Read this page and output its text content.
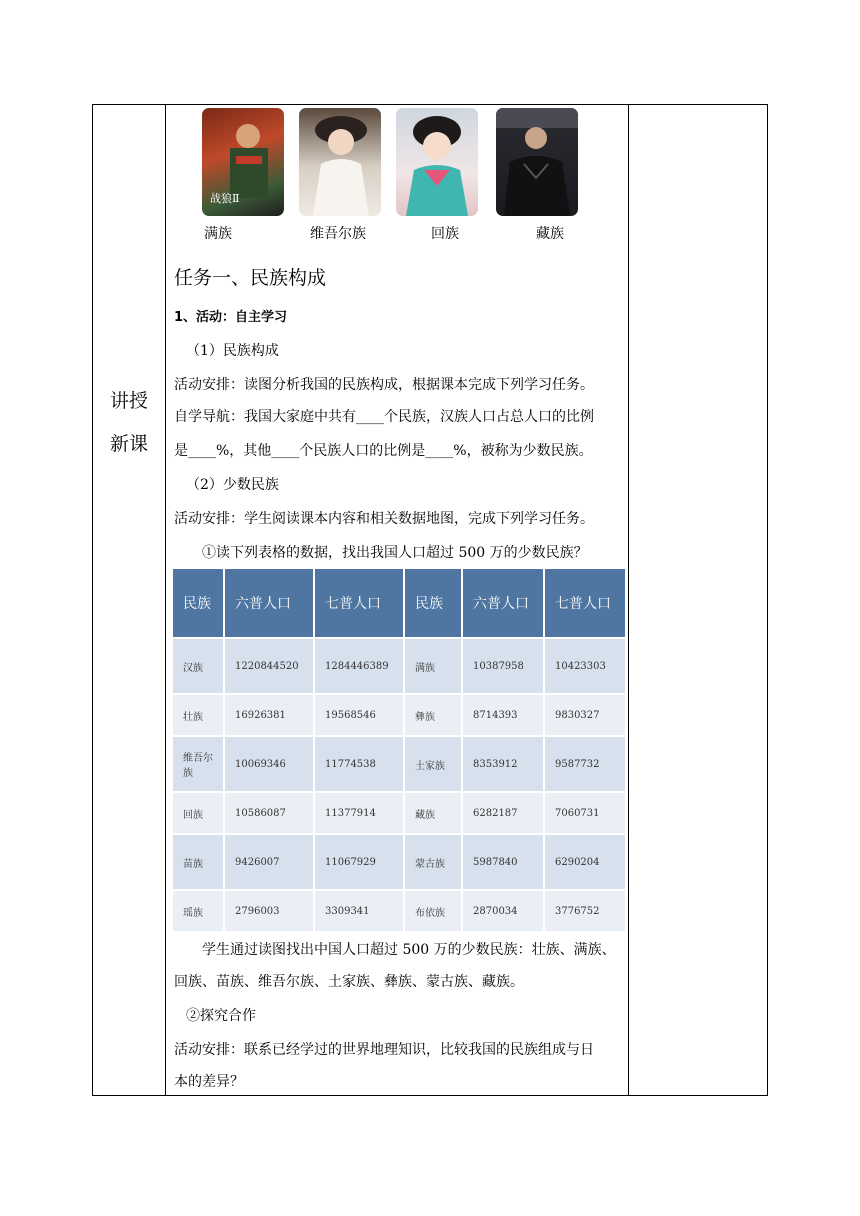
讲授
新课
战狼Ⅱ
满族	维吾尔族	回族	藏族
任务一、民族构成
1、活动：自主学习
（1）民族构成
活动安排：读图分析我国的民族构成，根据课本完成下列学习任务。
自学导航：我国大家庭中共有____个民族，汉族人口占总人口的比例
是____%，其他____个民族人口的比例是____%，被称为少数民族。
（2）少数民族
活动安排：学生阅读课本内容和相关数据地图，完成下列学习任务。
①读下列表格的数据，找出我国人口超过 500 万的少数民族？
民族	六普人口	七普人口	民族	六普人口	七普人口
汉族	1220844520	1284446389	满族	10387958	10423303
壮族	16926381	19568546	彝族	8714393	9830327
维吾尔族	10069346	11774538	土家族	8353912	9587732
回族	10586087	11377914	藏族	6282187	7060731
苗族	9426007	11067929	蒙古族	5987840	6290204
瑶族	2796003	3309341	布依族	2870034	3776752
学生通过读图找出中国人口超过 500 万的少数民族：壮族、满族、
回族、苗族、维吾尔族、土家族、彝族、蒙古族、藏族。
②探究合作
活动安排：联系已经学过的世界地理知识，比较我国的民族组成与日
本的差异？
